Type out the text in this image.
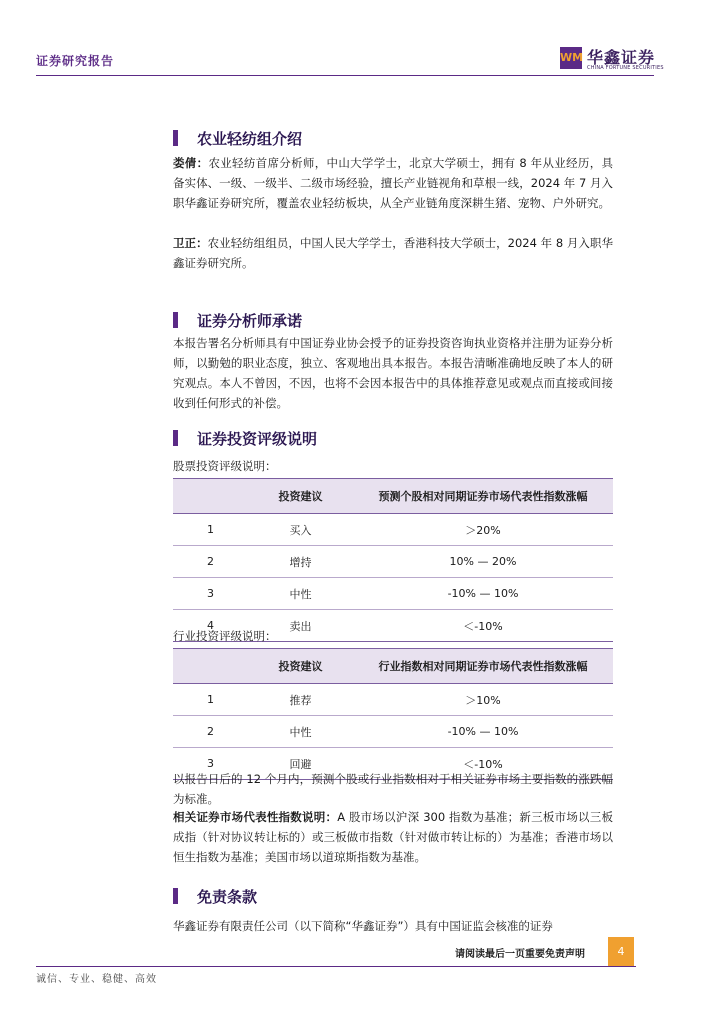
证券研究报告	WM 华鑫证券
CHINA FORTUNE SECURITIES
农业轻纺组介绍
娄倩：农业轻纺首席分析师，中山大学学士，北京大学硕士，拥有 8 年从业经历，具备实体、一级、一级半、二级市场经验，擅长产业链视角和草根一线，2024 年 7 月入职华鑫证券研究所，覆盖农业轻纺板块，从全产业链角度深耕生猪、宠物、户外研究。
卫正：农业轻纺组组员，中国人民大学学士，香港科技大学硕士，2024 年 8 月入职华鑫证券研究所。
证券分析师承诺
本报告署名分析师具有中国证券业协会授予的证券投资咨询执业资格并注册为证券分析师，以勤勉的职业态度，独立、客观地出具本报告。本报告清晰准确地反映了本人的研究观点。本人不曾因，不因，也将不会因本报告中的具体推荐意见或观点而直接或间接收到任何形式的补偿。
证券投资评级说明
股票投资评级说明：
	投资建议	预测个股相对同期证券市场代表性指数涨幅
1	买入	＞20%
2	增持	10% — 20%
3	中性	-10% — 10%
4	卖出	＜-10%
行业投资评级说明：
	投资建议	行业指数相对同期证券市场代表性指数涨幅
1	推荐	＞10%
2	中性	-10% — 10%
3	回避	＜-10%
以报告日后的 12 个月内，预测个股或行业指数相对于相关证券市场主要指数的涨跌幅为标准。
相关证券市场代表性指数说明：A 股市场以沪深 300 指数为基准；新三板市场以三板成指（针对协议转让标的）或三板做市指数（针对做市转让标的）为基准；香港市场以恒生指数为基准；美国市场以道琼斯指数为基准。
免责条款
华鑫证券有限责任公司（以下简称“华鑫证券”）具有中国证监会核准的证券
请阅读最后一页重要免责声明	4
诚信、专业、稳健、高效
